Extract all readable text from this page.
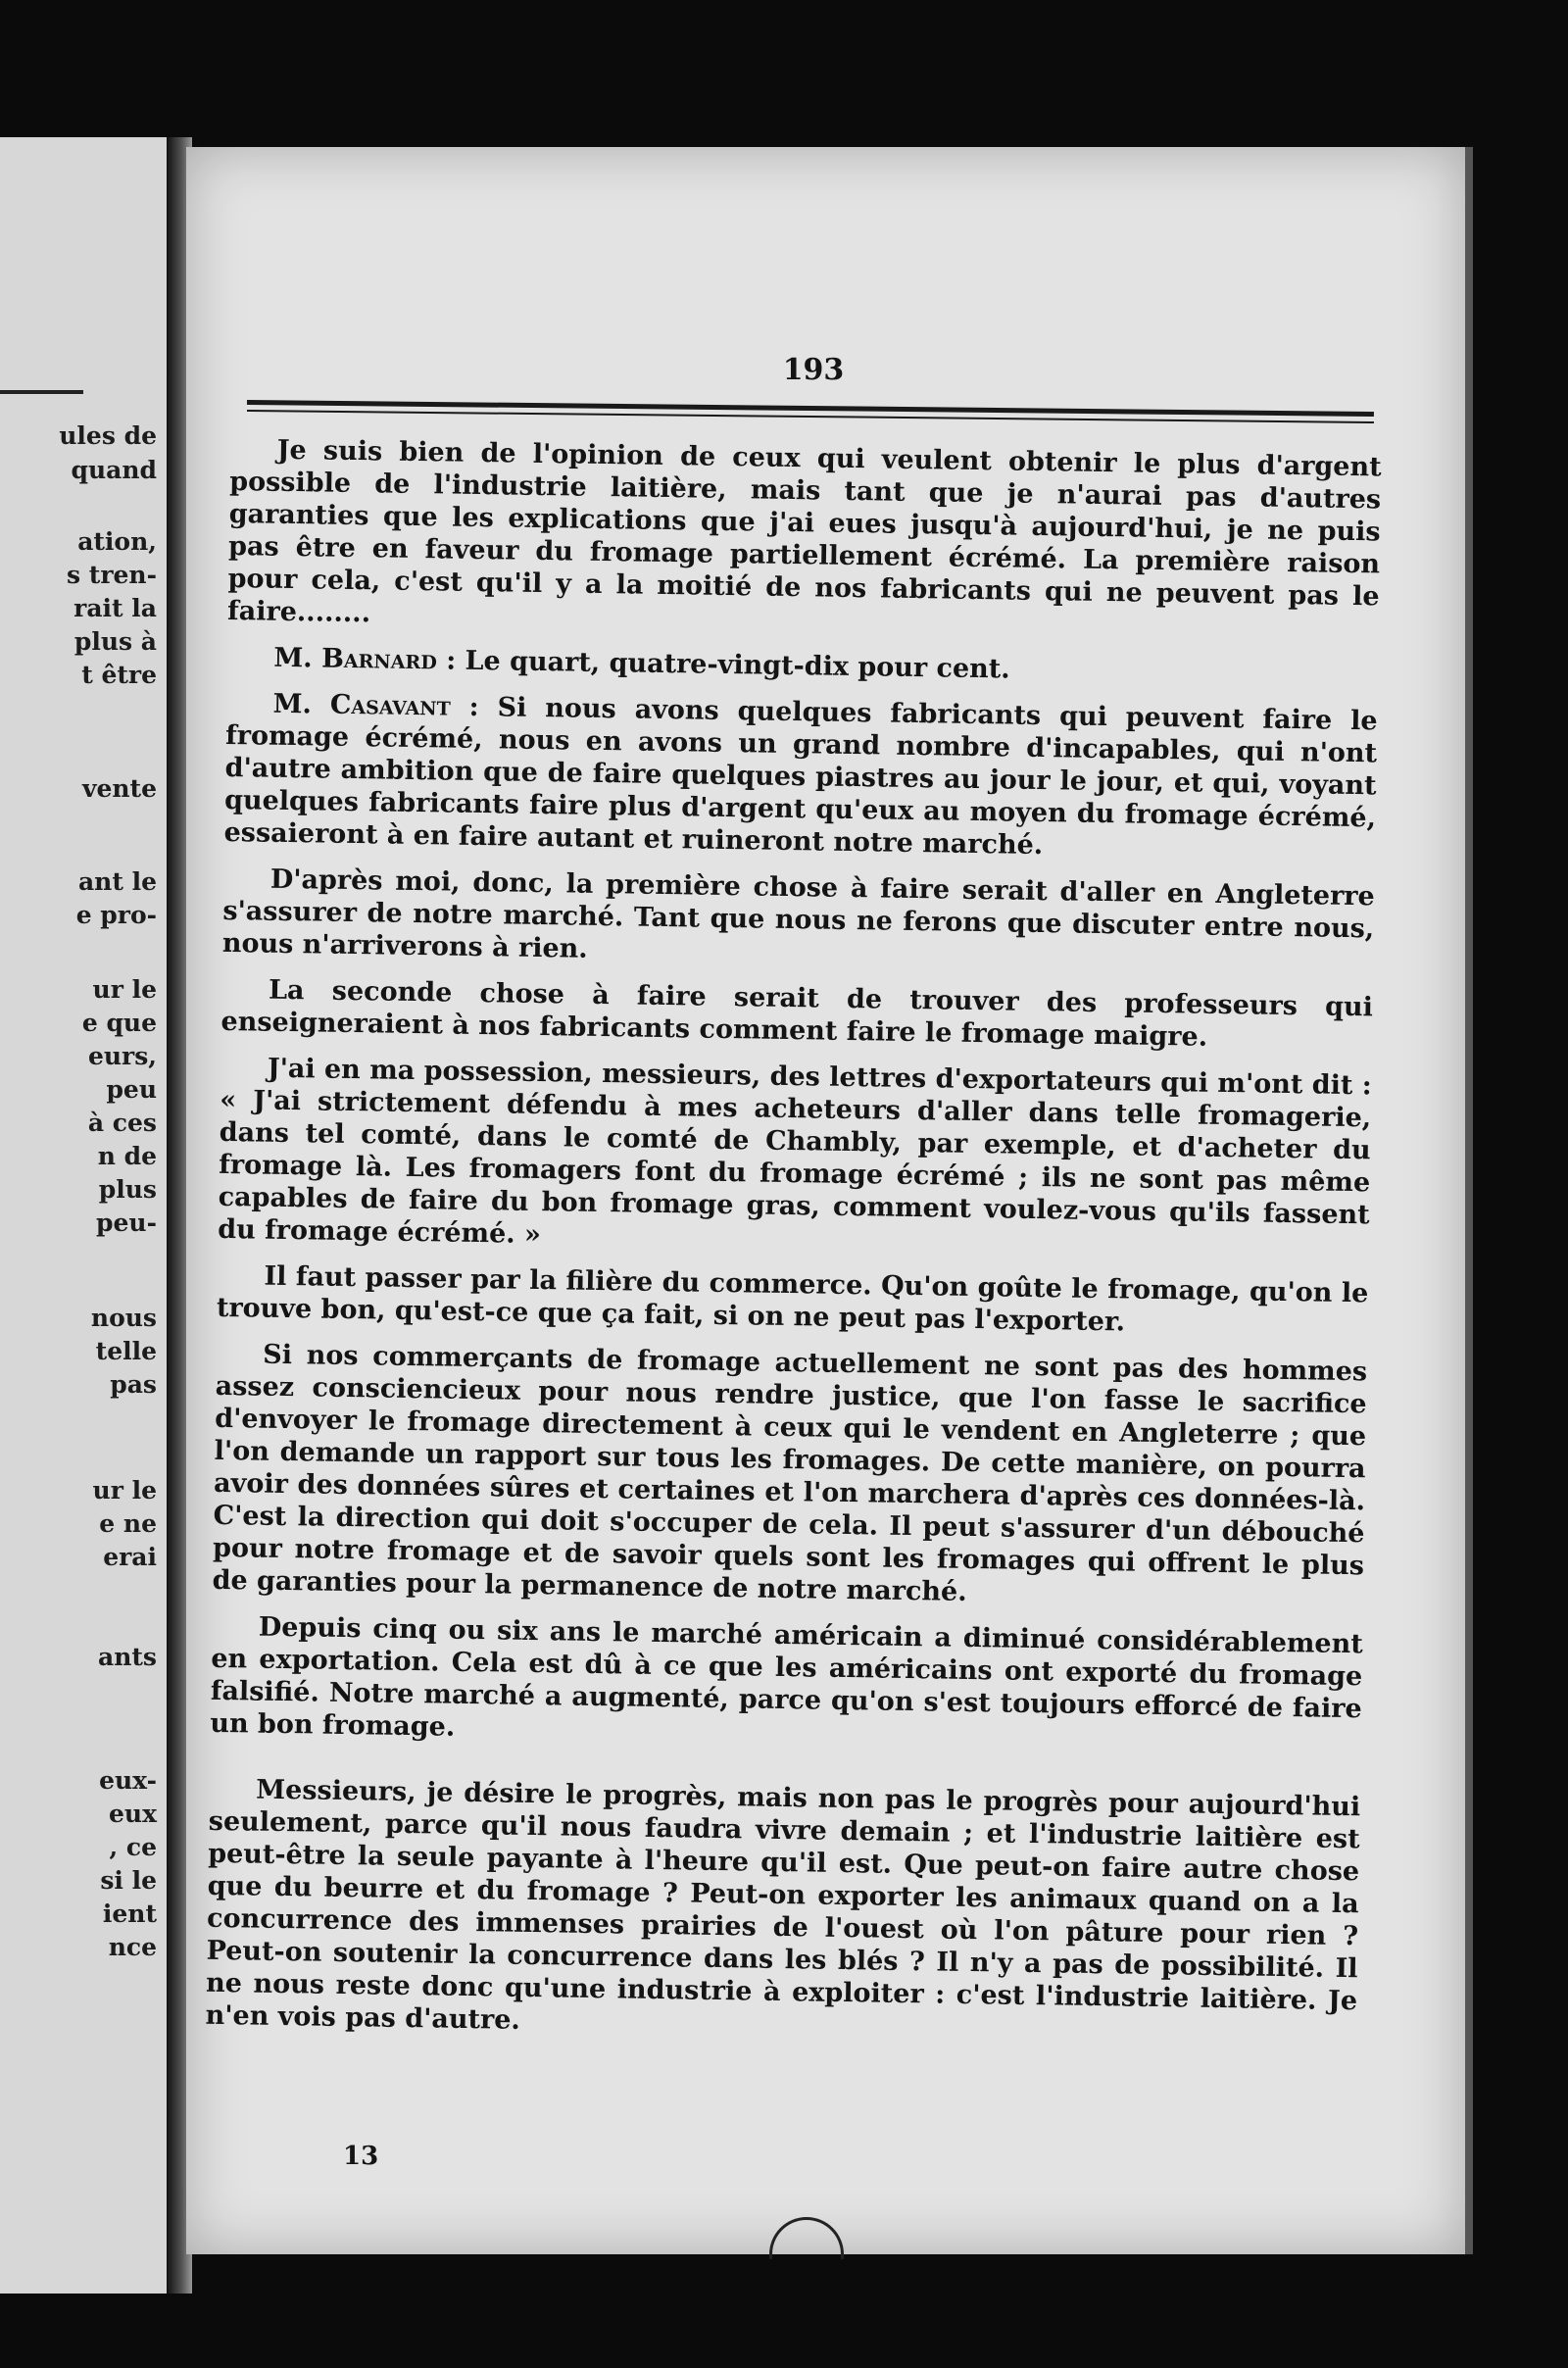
ules de
quand
ation,
s tren-
rait la
plus à
t être
vente
ant le
e pro-
ur le
e que
eurs,
peu
à ces
n de
plus
peu-
nous
telle
pas
ur le
e ne
erai
ants
eux-
eux
, ce
si le
ient
nce
193

Je suis bien de l'opinion de ceux qui veulent obtenir le plus d'argent possible de l'industrie laitière, mais tant que je n'aurai pas d'autres garanties que les explications que j'ai eues jusqu'à aujourd'hui, je ne puis pas être en faveur du fromage partiellement écrémé. La première raison pour cela, c'est qu'il y a la moitié de nos fabricants qui ne peuvent pas le faire........

M. Barnard : Le quart, quatre-vingt-dix pour cent.

M. Casavant : Si nous avons quelques fabricants qui peuvent faire le fromage écrémé, nous en avons un grand nombre d'incapables, qui n'ont d'autre ambition que de faire quelques piastres au jour le jour, et qui, voyant quelques fabricants faire plus d'argent qu'eux au moyen du fromage écrémé, essaieront à en faire autant et ruineront notre marché.

D'après moi, donc, la première chose à faire serait d'aller en Angleterre s'assurer de notre marché. Tant que nous ne ferons que discuter entre nous, nous n'arriverons à rien.

La seconde chose à faire serait de trouver des professeurs qui enseigneraient à nos fabricants comment faire le fromage maigre.

J'ai en ma possession, messieurs, des lettres d'exportateurs qui m'ont dit : « J'ai strictement défendu à mes acheteurs d'aller dans telle fromagerie, dans tel comté, dans le comté de Chambly, par exemple, et d'acheter du fromage là. Les fromagers font du fromage écrémé ; ils ne sont pas même capables de faire du bon fromage gras, comment voulez-vous qu'ils fassent du fromage écrémé. »

Il faut passer par la filière du commerce. Qu'on goûte le fromage, qu'on le trouve bon, qu'est-ce que ça fait, si on ne peut pas l'exporter.

Si nos commerçants de fromage actuellement ne sont pas des hommes assez consciencieux pour nous rendre justice, que l'on fasse le sacrifice d'envoyer le fromage directement à ceux qui le vendent en Angleterre ; que l'on demande un rapport sur tous les fromages. De cette manière, on pourra avoir des données sûres et certaines et l'on marchera d'après ces données-là. C'est la direction qui doit s'occuper de cela. Il peut s'assurer d'un débouché pour notre fromage et de savoir quels sont les fromages qui offrent le plus de garanties pour la permanence de notre marché.

Depuis cinq ou six ans le marché américain a diminué considérablement en exportation. Cela est dû à ce que les américains ont exporté du fromage falsifié. Notre marché a augmenté, parce qu'on s'est toujours efforcé de faire un bon fromage.

Messieurs, je désire le progrès, mais non pas le progrès pour aujourd'hui seulement, parce qu'il nous faudra vivre demain ; et l'industrie laitière est peut-être la seule payante à l'heure qu'il est. Que peut-on faire autre chose que du beurre et du fromage ? Peut-on exporter les animaux quand on a la concurrence des immenses prairies de l'ouest où l'on pâture pour rien ? Peut-on soutenir la concurrence dans les blés ? Il n'y a pas de possibilité. Il ne nous reste donc qu'une industrie à exploiter : c'est l'industrie laitière. Je n'en vois pas d'autre.

13
